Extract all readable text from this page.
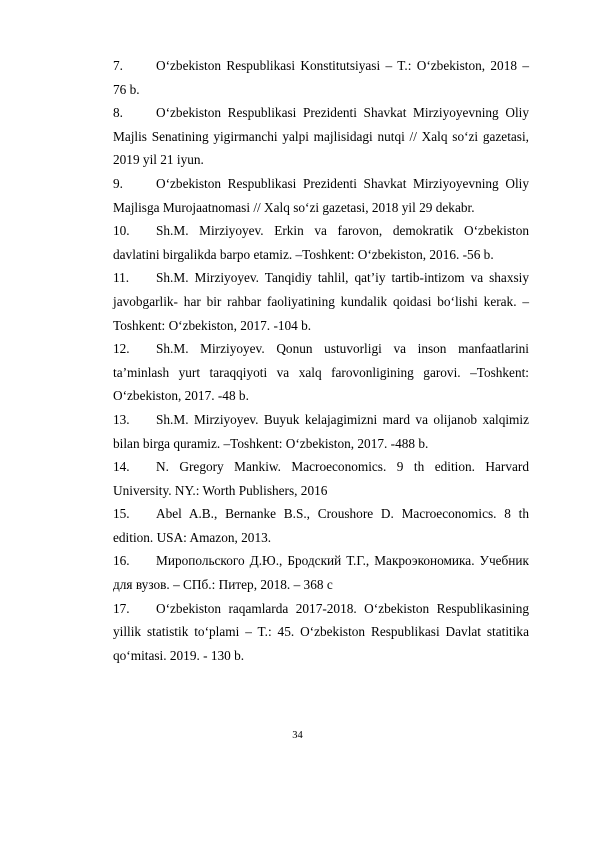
7. O‘zbekiston Respublikasi Konstitutsiyasi – T.: O‘zbekiston, 2018 – 76 b.
8. O‘zbekiston Respublikasi Prezidenti Shavkat Mirziyoyevning Oliy Majlis Senatining yigirmanchi yalpi majlisidagi nutqi // Xalq so‘zi gazetasi, 2019 yil 21 iyun.
9. O‘zbekiston Respublikasi Prezidenti Shavkat Mirziyoyevning Oliy Majlisga Murojaatnomasi // Xalq so‘zi gazetasi, 2018 yil 29 dekabr.
10. Sh.M. Mirziyoyev. Erkin va farovon, demokratik O‘zbekiston davlatini birgalikda barpo etamiz. –Toshkent: O‘zbekiston, 2016. -56 b.
11. Sh.M. Mirziyoyev. Tanqidiy tahlil, qat’iy tartib-intizom va shaxsiy javobgarlik- har bir rahbar faoliyatining kundalik qoidasi bo‘lishi kerak. –Toshkent: O‘zbekiston, 2017. -104 b.
12. Sh.M. Mirziyoyev. Qonun ustuvorligi va inson manfaatlarini ta’minlash yurt taraqqiyoti va xalq farovonligining garovi. –Toshkent: O‘zbekiston, 2017. -48 b.
13. Sh.M. Mirziyoyev. Buyuk kelajagimizni mard va olijanob xalqimiz bilan birga quramiz. –Toshkent: O‘zbekiston, 2017. -488 b.
14. N. Gregory Mankiw. Macroeconomics. 9 th edition. Harvard University. NY.: Worth Publishers, 2016
15. Abel A.B., Bernanke B.S., Croushore D. Macroeconomics. 8 th edition. USA: Amazon, 2013.
16. Миропольского Д.Ю., Бродский Т.Г., Макроэкономика. Учебник для вузов. – СПб.: Питер, 2018. – 368 с
17. O‘zbekiston raqamlarda 2017-2018. O‘zbekiston Respublikasining yillik statistik to‘plami – T.: 45. O‘zbekiston Respublikasi Davlat statitika qo‘mitasi. 2019. - 130 b.
34
